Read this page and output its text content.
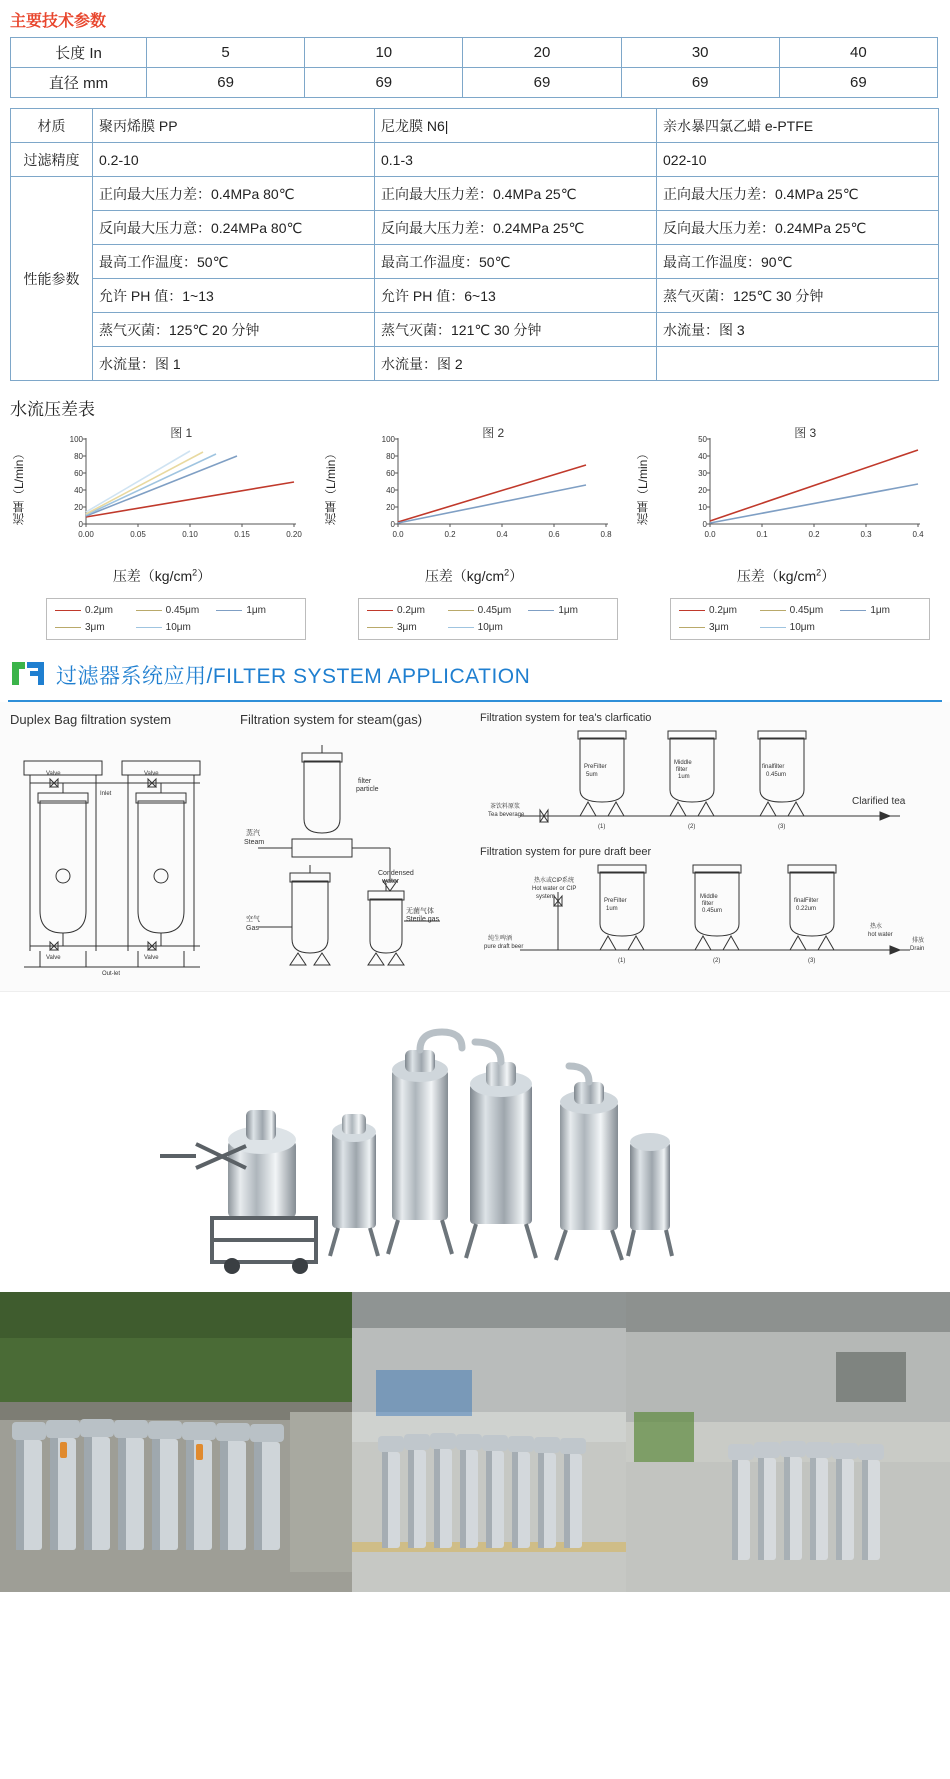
主要技术参数
长度 In	5	10	20	30	40
直径 mm	69	69	69	69	69
材质	聚丙烯膜 PP	尼龙膜 N6|	亲水暴四氯乙蜡 e-PTFE
过滤精度	0.2-10	0.1-3	022-10
性能参数	正向最大压力差：0.4MPa 80℃	正向最大压力差：0.4MPa 25℃	正向最大压力差：0.4MPa 25℃
	反向最大压力意：0.24MPa 80℃	反向最大压力差：0.24MPa 25℃	反向最大压力差：0.24MPa 25℃
	最高工作温度：50℃	最高工作温度：50℃	最高工作温度：90℃
	允许 PH 值：1~13	允许 PH 值：6~13	蒸气灭菌：125℃ 30 分钟
	蒸气灭菌：125℃ 20 分钟	蒸气灭菌：121℃ 30 分钟	水流量：图 3
	水流量：图 1	水流量：图 2	
水流压差表
流量（L/min）
图 1
0
20
40
60
80
100
0.00	0.05	0.10	0.15	0.20
压差$(kg/cm^2)$
0.2μm	0.45μm	1μm
3μm	10μm
流量（L/min）
图 2
0
20
40
60
80
100
0.0	0.2	0.4	0.6	0.8
压差$(kg/cm^2)$
0.2μm	0.45μm	1μm
3μm	10μm
流量（L/min）
图 3
0
10
20
30
40
50
0.0	0.1	0.2	0.3	0.4
压差$(kg/cm^2)$
0.2μm	0.45μm	1μm
3μm	10μm
过滤器系统应用/FILTER SYSTEM APPLICATION
Duplex Bag filtration system
Valve	Valve
Inlet
Valve	Valve
Out-let
Filtration system for steam(gas)
蒸汽
Steam
空气
Gas
Condensed
water
filter
particle
无菌气体
Sterile gas
Filtration system for tea's clarficatio
PreFilter
5um
Middle
filter
1um
finalfilter
0.45um
茶饮料原浆
Tea beverage
(1)	(2)	(3)
Clarified tea
Filtration system for pure draft beer
PreFilter
1um
Middle
filter
0.45um
finalFilter
0.22um
纯生啤酒
pure draft beer
热水或CIP系统
Hot water or CIP
system
(1)	(2)	(3)
排放
Drain
热水
hot water
